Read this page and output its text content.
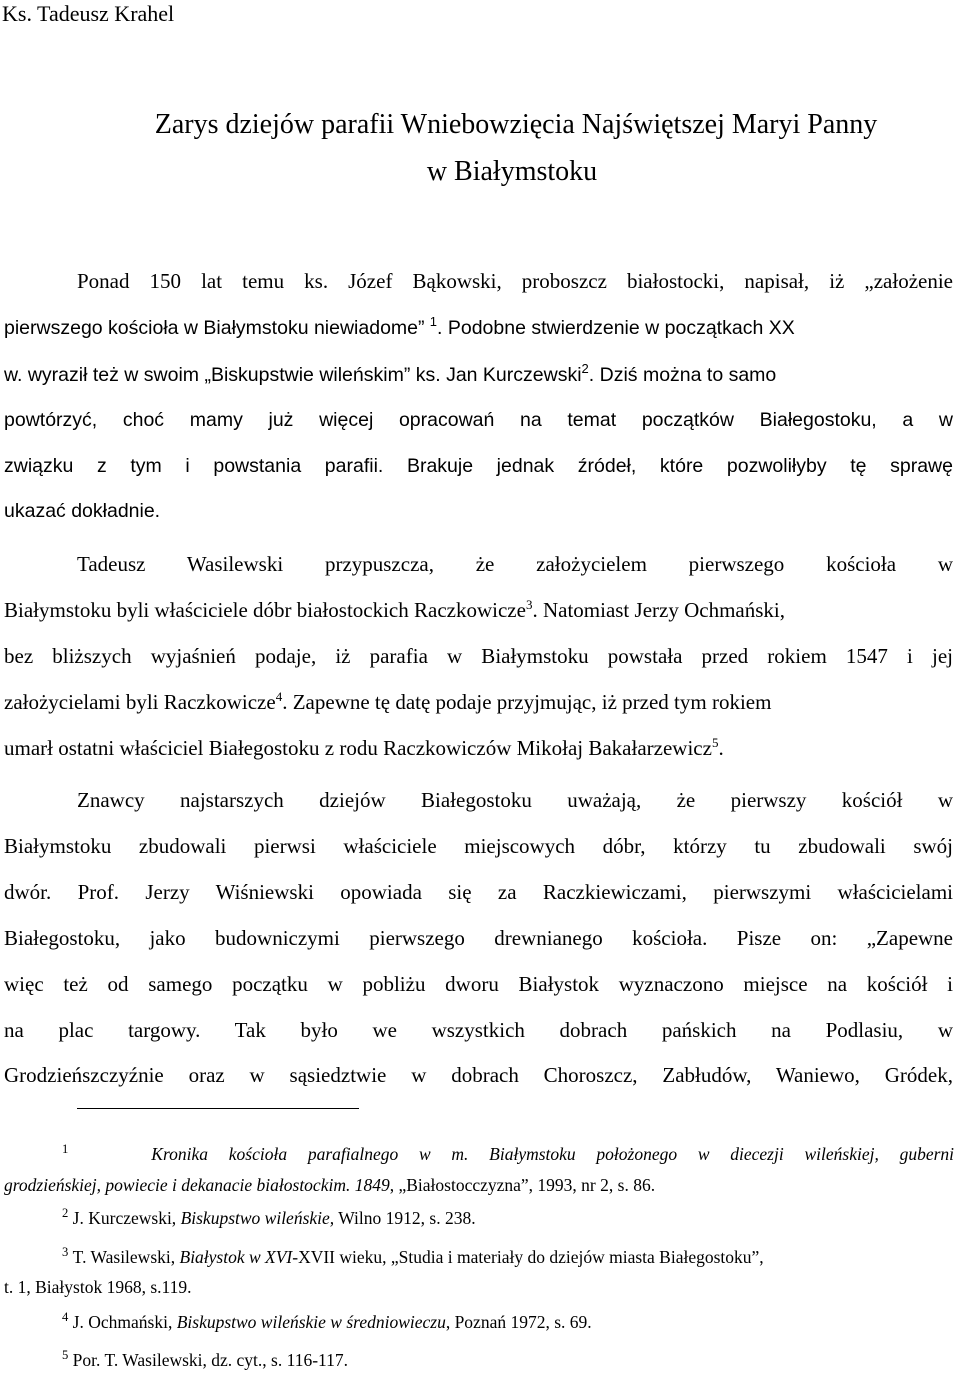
Ks. Tadeusz Krahel
Zarys dziejów parafii Wniebowzięcia Najświętszej Maryi Panny
w Białymstoku
Ponad 150 lat temu ks. Józef Bąkowski, proboszcz białostocki, napisał, iż „założenie
pierwszego kościoła w Białymstoku niewiadome” $^1$. Podobne stwierdzenie w początkach XX
w. wyraził też w swoim „Biskupstwie wileńskim” ks. Jan Kurczewski$^2$. Dziś można to samo
powtórzyć, choć mamy już więcej opracowań na temat początków Białegostoku, a w
związku z tym i powstania parafii. Brakuje jednak źródeł, które pozwoliłyby tę sprawę
ukazać dokładnie.
Tadeusz Wasilewski przypuszcza, że założycielem pierwszego kościoła w
Białymstoku byli właściciele dóbr białostockich Raczkowicze$^3$. Natomiast Jerzy Ochmański,
bez bliższych wyjaśnień podaje, iż parafia w Białymstoku powstała przed rokiem 1547 i jej
założycielami byli Raczkowicze$^4$. Zapewne tę datę podaje przyjmując, iż przed tym rokiem
umarł ostatni właściciel Białegostoku z rodu Raczkowiczów Mikołaj Bakałarzewicz$^5$.
Znawcy najstarszych dziejów Białegostoku uważają, że pierwszy kościół w
Białymstoku zbudowali pierwsi właściciele miejscowych dóbr, którzy tu zbudowali swój
dwór. Prof. Jerzy Wiśniewski opowiada się za Raczkiewiczami, pierwszymi właścicielami
Białegostoku, jako budowniczymi pierwszego drewnianego kościoła. Pisze on: „Zapewne
więc też od samego początku w pobliżu dworu Białystok wyznaczono miejsce na kościół i
na plac targowy. Tak było we wszystkich dobrach pańskich na Podlasiu, w
Grodzieńszczyźnie oraz w sąsiedztwie w dobrach Choroszcz, Zabłudów, Waniewo, Gródek,
$^1$	Kronika kościoła parafialnego w m. Białymstoku położonego w diecezji wileńskiej, guberni
grodzieńskiej, powiecie i dekanacie białostockim. 1849, „Białostocczyzna”, 1993, nr 2, s. 86.
$^2$ J. Kurczewski, Biskupstwo wileńskie, Wilno 1912, s. 238.
$^3$ T. Wasilewski, Białystok w XVI-XVII wieku, „Studia i materiały do dziejów miasta Białegostoku”,
t. 1, Białystok 1968, s.119.
$^4$ J. Ochmański, Biskupstwo wileńskie w średniowieczu, Poznań 1972, s. 69.
$^5$ Por. T. Wasilewski, dz. cyt., s. 116-117.
